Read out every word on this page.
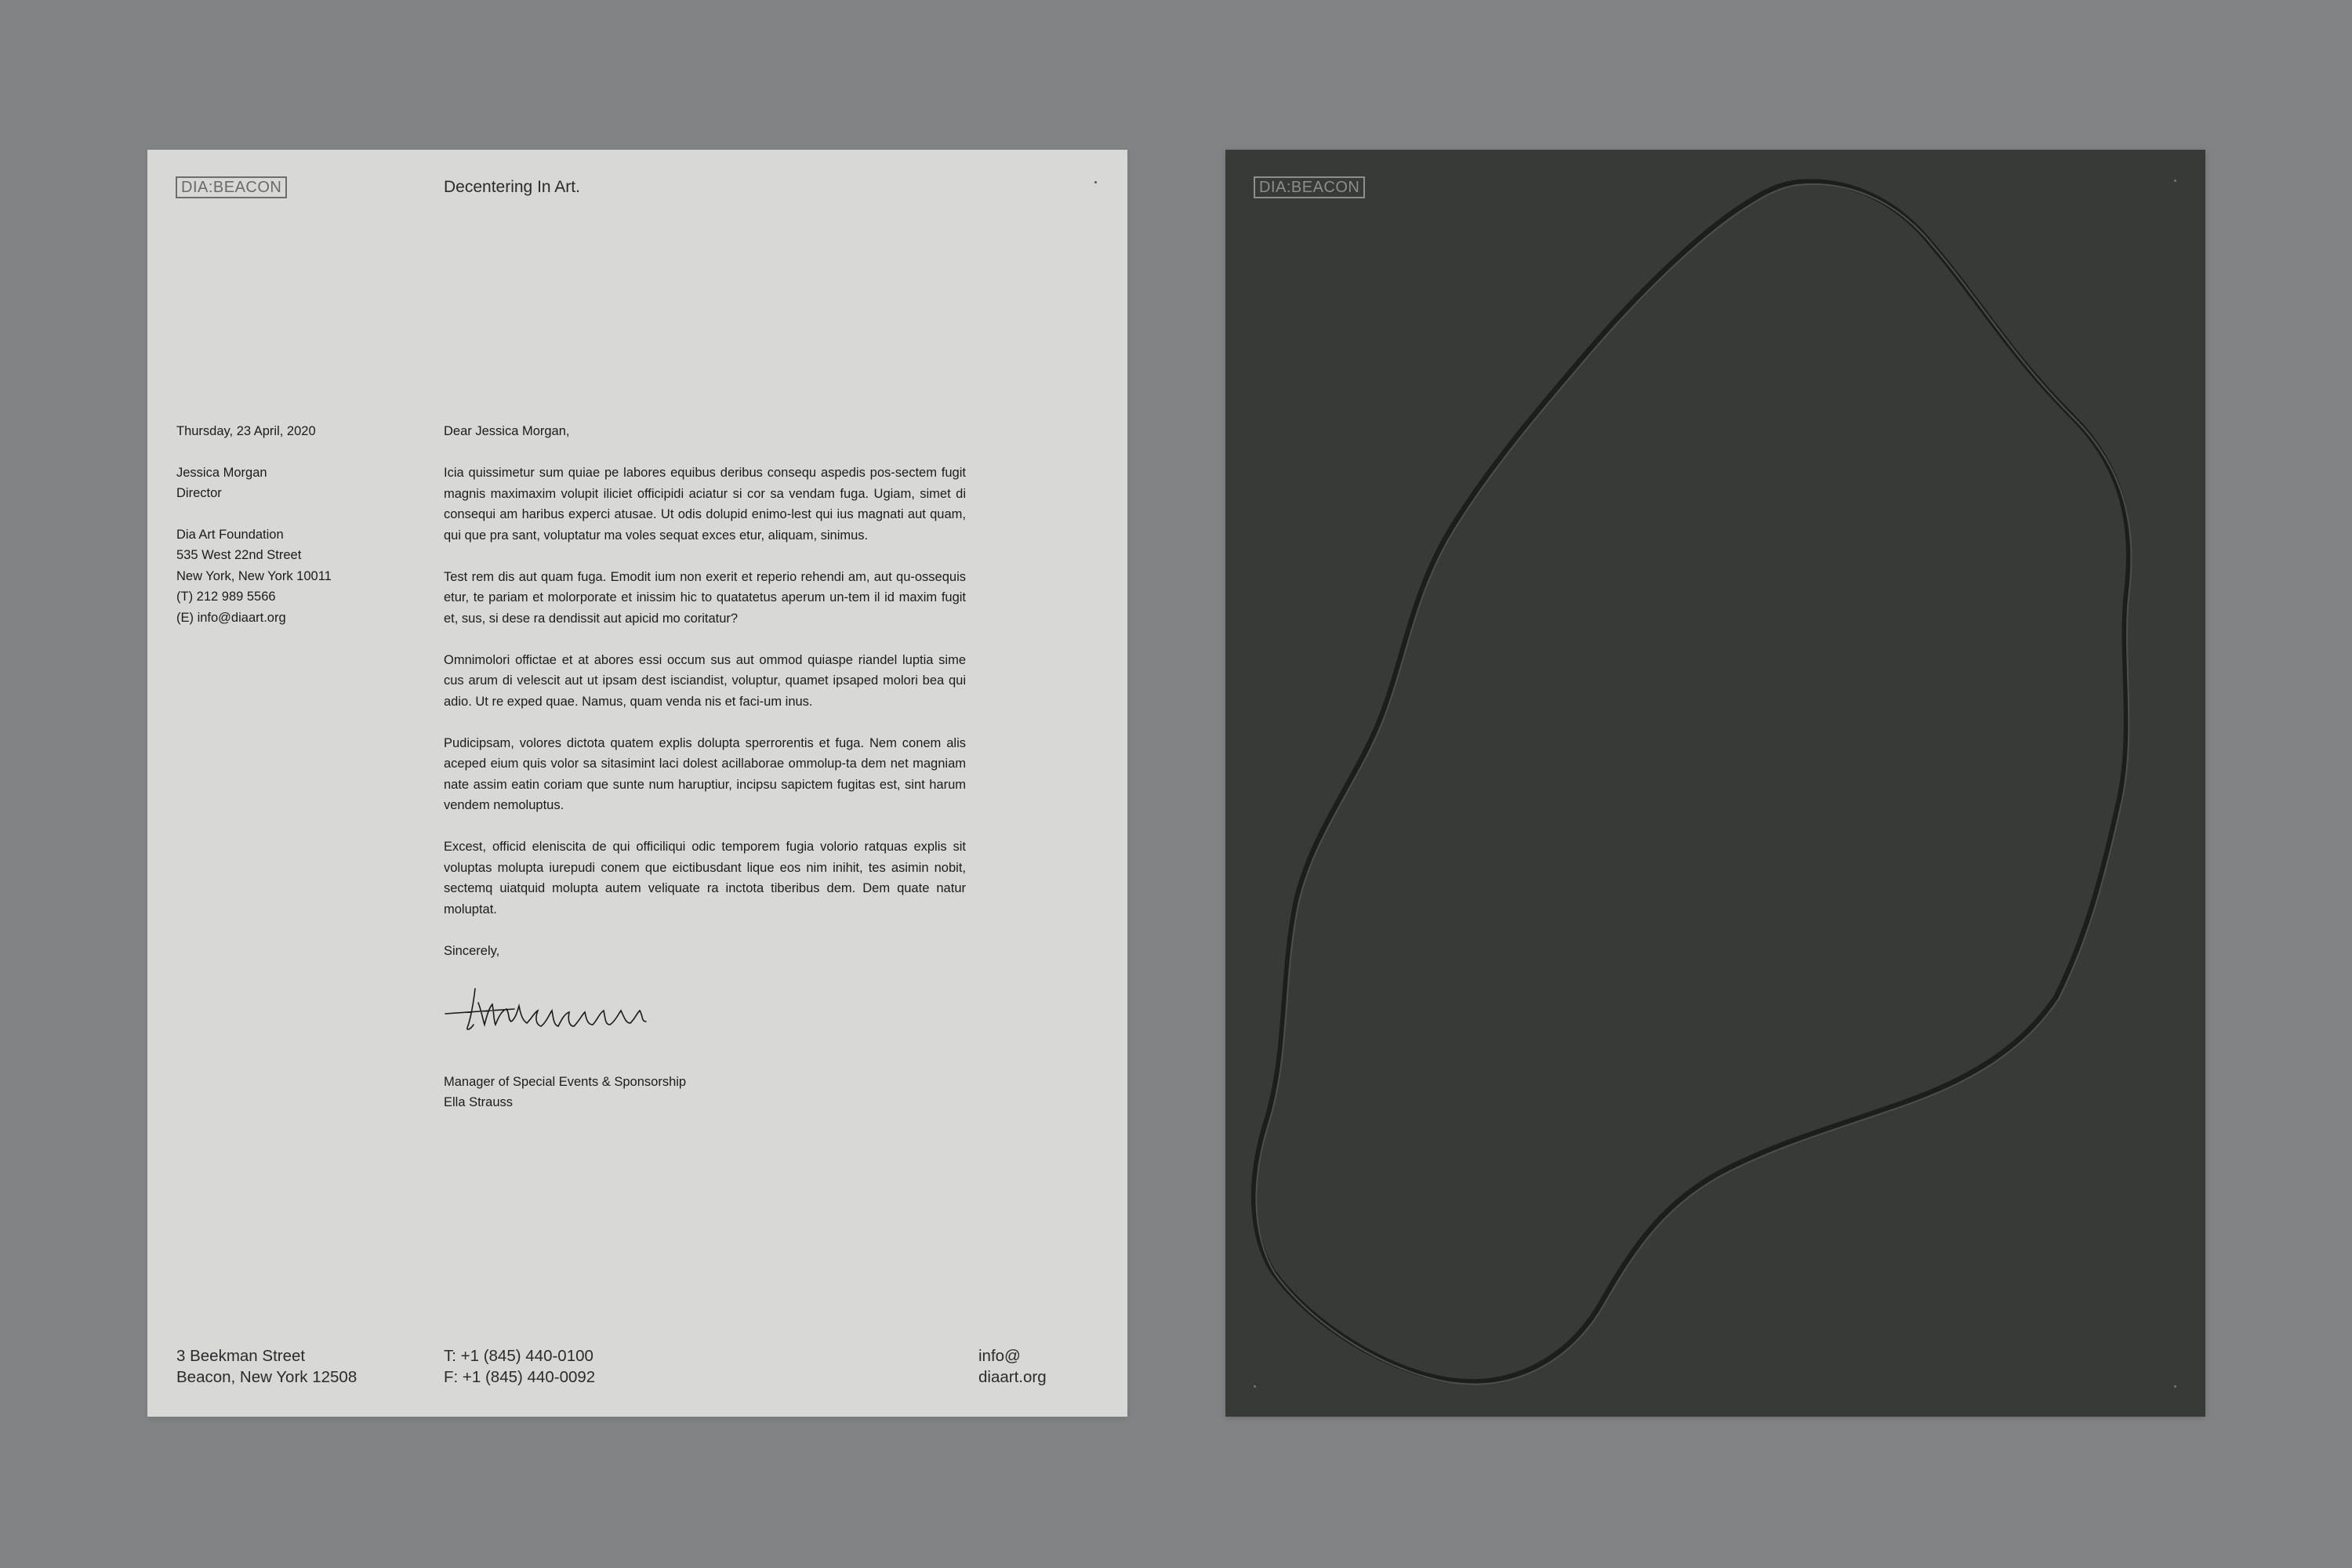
DIA:BEACON	Decentering In Art.
Thursday, 23 April, 2020
Jessica Morgan
Director
Dia Art Foundation
535 West 22nd Street
New York, New York 10011
(T) 212 989 5566
(E) info@diaart.org

Dear Jessica Morgan,

Icia quissimetur sum quiae pe labores equibus deribus consequ aspedis pos-sectem fugit magnis maximaxim volupit iliciet officipidi aciatur si cor sa vendam fuga. Ugiam, simet di consequi am haribus experci atusae. Ut odis dolupid enimo-lest qui ius magnati aut quam, qui que pra sant, voluptatur ma voles sequat exces etur, aliquam, sinimus.

Test rem dis aut quam fuga. Emodit ium non exerit et reperio rehendi am, aut qu-ossequis etur, te pariam et molorporate et inissim hic to quatatetus aperum un-tem il id maxim fugit et, sus, si dese ra dendissit aut apicid mo coritatur?

Omnimolori offictae et at abores essi occum sus aut ommod quiaspe riandel luptia sime cus arum di velescit aut ut ipsam dest isciandist, voluptur, quamet ipsaped molori bea qui adio. Ut re exped quae. Namus, quam venda nis et faci-um inus.

Pudicipsam, volores dictota quatem explis dolupta sperrorentis et fuga. Nem conem alis aceped eium quis volor sa sitasimint laci dolest acillaborae ommolup-ta dem net magniam nate assim eatin coriam que sunte num haruptiur, incipsu sapictem fugitas est, sint harum vendem nemoluptus.

Excest, officid eleniscita de qui officiliqui odic temporem fugia volorio ratquas explis sit voluptas molupta iurepudi conem que eictibusdant lique eos nim inihit, tes asimin nobit, sectemq uiatquid molupta autem veliquate ra inctota tiberibus dem. Dem quate natur moluptat.

Sincerely,

Manager of Special Events & Sponsorship
Ella Strauss
3 Beekman Street
Beacon, New York 12508
T: +1 (845) 440-0100
F: +1 (845) 440-0092
info@
diaart.org
DIA:BEACON
